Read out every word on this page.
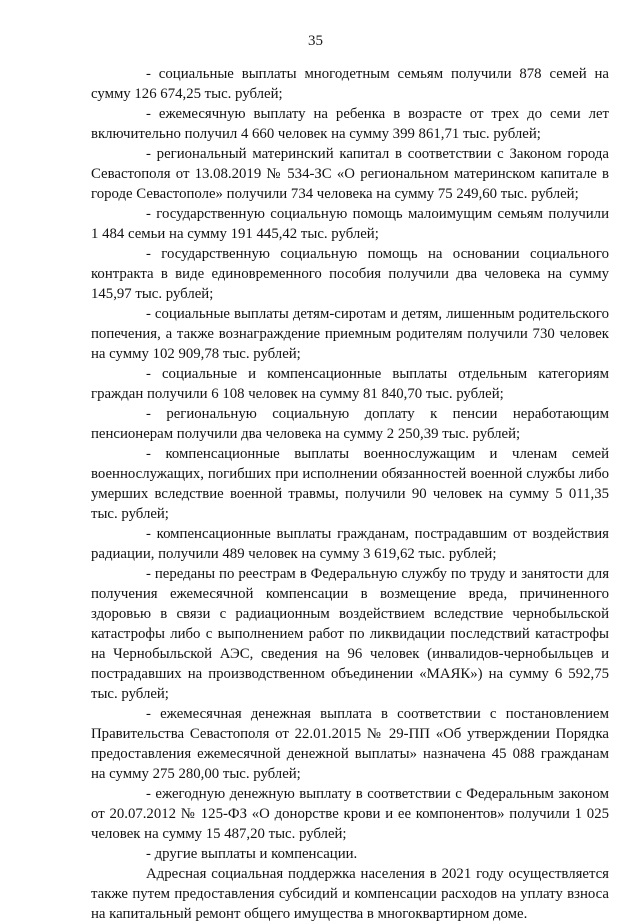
35

- социальные выплаты многодетным семьям получили 878 семей на сумму 126 674,25 тыс. рублей;

- ежемесячную выплату на ребенка в возрасте от трех до семи лет включительно получил 4 660 человек на сумму 399 861,71 тыс. рублей;

- региональный материнский капитал в соответствии с Законом города Севастополя от 13.08.2019 № 534-ЗС «О региональном материнском капитале в городе Севастополе» получили 734 человека на сумму 75 249,60 тыс. рублей;

- государственную социальную помощь малоимущим семьям получили 1 484 семьи на сумму 191 445,42 тыс. рублей;

- государственную социальную помощь на основании социального контракта в виде единовременного пособия получили два человека на сумму 145,97 тыс. рублей;

- социальные выплаты детям-сиротам и детям, лишенным родительского попечения, а также вознаграждение приемным родителям получили 730 человек на сумму 102 909,78 тыс. рублей;

- социальные и компенсационные выплаты отдельным категориям граждан получили 6 108 человек на сумму 81 840,70 тыс. рублей;

- региональную социальную доплату к пенсии неработающим пенсионерам получили два человека на сумму 2 250,39 тыс. рублей;

- компенсационные выплаты военнослужащим и членам семей военнослужащих, погибших при исполнении обязанностей военной службы либо умерших вследствие военной травмы, получили 90 человек на сумму 5 011,35 тыс. рублей;

- компенсационные выплаты гражданам, пострадавшим от воздействия радиации, получили 489 человек на сумму 3 619,62 тыс. рублей;

- переданы по реестрам в Федеральную службу по труду и занятости для получения ежемесячной компенсации в возмещение вреда, причиненного здоровью в связи с радиационным воздействием вследствие чернобыльской катастрофы либо с выполнением работ по ликвидации последствий катастрофы на Чернобыльской АЭС, сведения на 96 человек (инвалидов-чернобыльцев и пострадавших на производственном объединении «МАЯК») на сумму 6 592,75 тыс. рублей;

- ежемесячная денежная выплата в соответствии с постановлением Правительства Севастополя от 22.01.2015 № 29-ПП «Об утверждении Порядка предоставления ежемесячной денежной выплаты» назначена 45 088 гражданам на сумму 275 280,00 тыс. рублей;

- ежегодную денежную выплату в соответствии с Федеральным законом от 20.07.2012 № 125-ФЗ «О донорстве крови и ее компонентов» получили 1 025 человек на сумму 15 487,20 тыс. рублей;

- другие выплаты и компенсации.

Адресная социальная поддержка населения в 2021 году осуществляется также путем предоставления субсидий и компенсации расходов на уплату взноса на капитальный ремонт общего имущества в многоквартирном доме.
